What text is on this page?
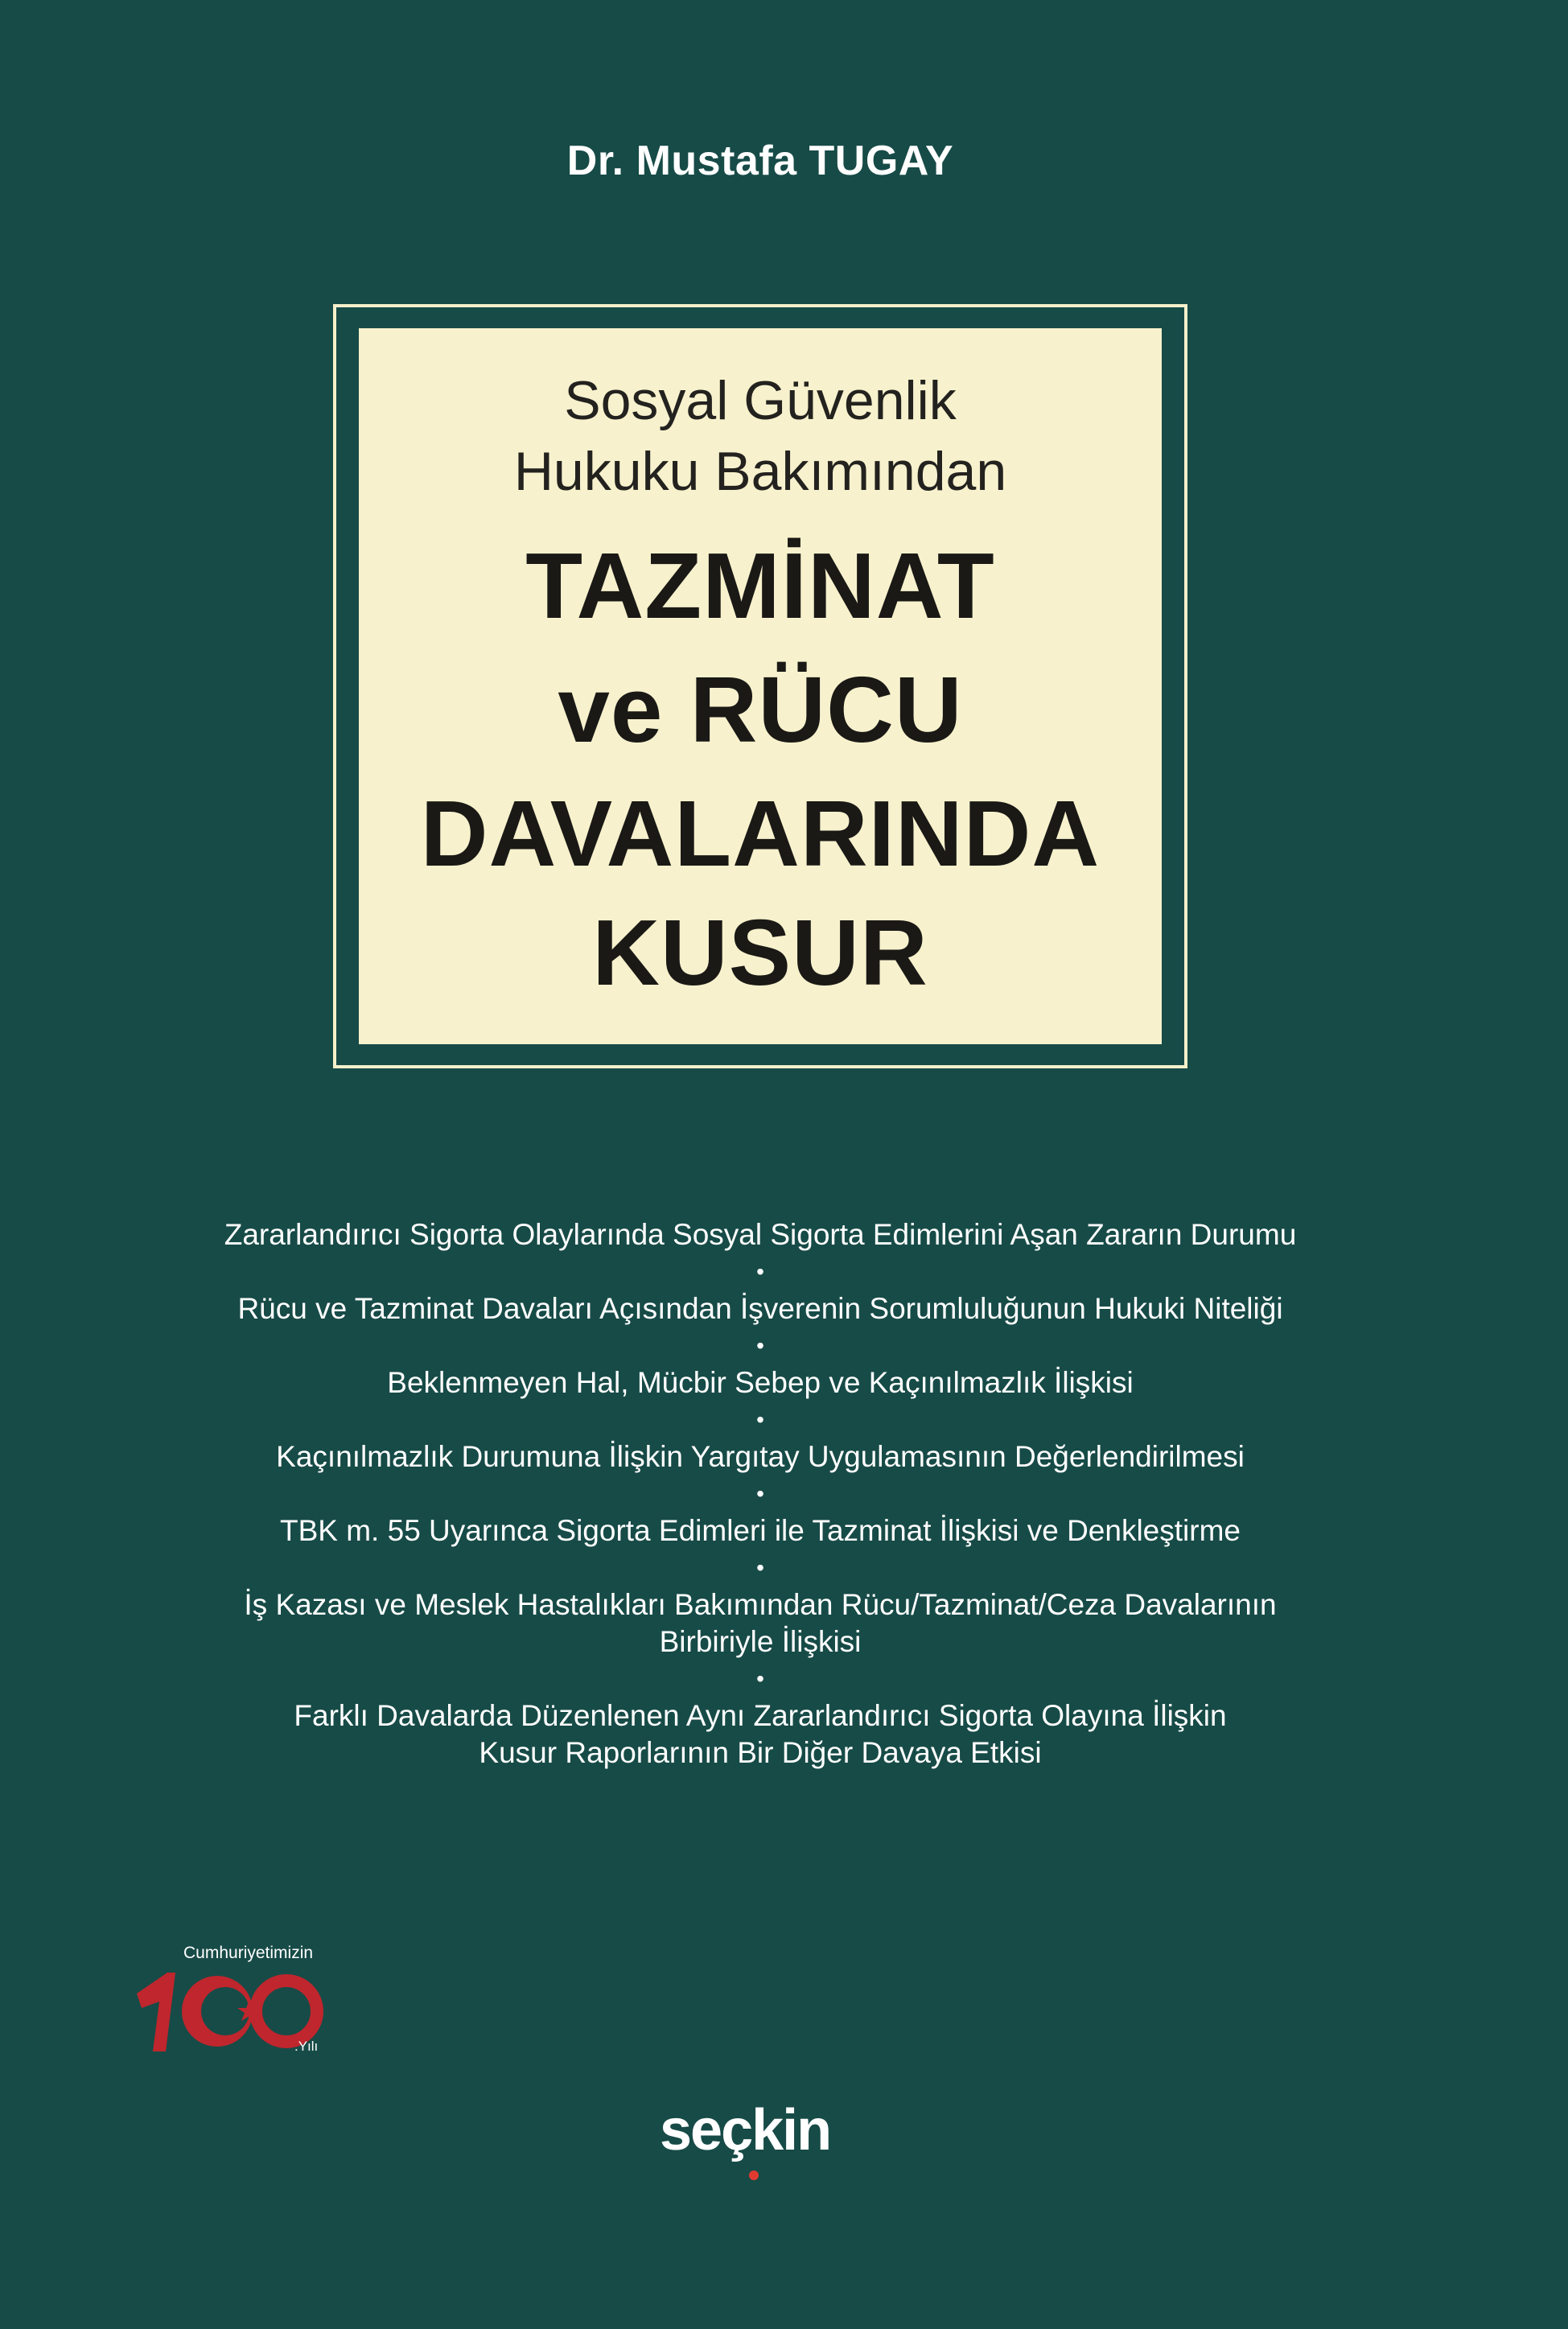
Dr. Mustafa TUGAY
Sosyal Güvenlik
Hukuku Bakımından
TAZMİNAT
ve RÜCU
DAVALARINDA
KUSUR
Zararlandırıcı Sigorta Olaylarında Sosyal Sigorta Edimlerini Aşan Zararın Durumu
•
Rücu ve Tazminat Davaları Açısından İşverenin Sorumluluğunun Hukuki Niteliği
•
Beklenmeyen Hal, Mücbir Sebep ve Kaçınılmazlık İlişkisi
•
Kaçınılmazlık Durumuna İlişkin Yargıtay Uygulamasının Değerlendirilmesi
•
TBK m. 55 Uyarınca Sigorta Edimleri ile Tazminat İlişkisi ve Denkleştirme
•
İş Kazası ve Meslek Hastalıkları Bakımından Rücu/Tazminat/Ceza Davalarının
Birbiriyle İlişkisi
•
Farklı Davalarda Düzenlenen Aynı Zararlandırıcı Sigorta Olayına İlişkin
Kusur Raporlarının Bir Diğer Davaya Etkisi
Cumhuriyetimizin
.Yılı
seçkin
